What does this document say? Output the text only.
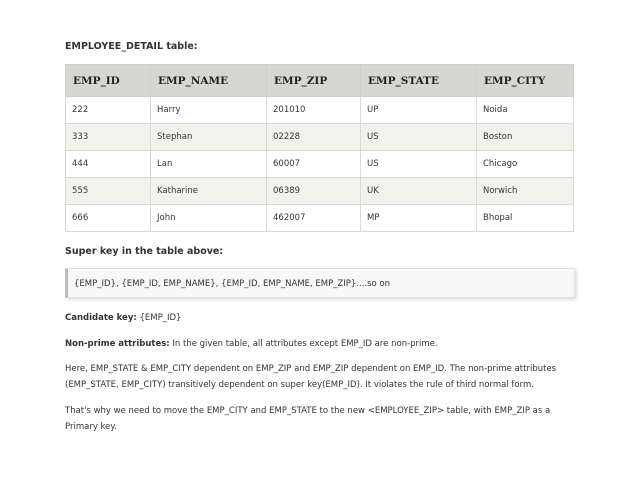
EMPLOYEE_DETAIL table:
EMP_ID	EMP_NAME	EMP_ZIP	EMP_STATE	EMP_CITY
222	Harry	201010	UP	Noida
333	Stephan	02228	US	Boston
444	Lan	60007	US	Chicago
555	Katharine	06389	UK	Norwich
666	John	462007	MP	Bhopal
Super key in the table above:
{EMP_ID}, {EMP_ID, EMP_NAME}, {EMP_ID, EMP_NAME, EMP_ZIP}....so on
Candidate key: {EMP_ID}
Non-prime attributes: In the given table, all attributes except EMP_ID are non-prime.
Here, EMP_STATE & EMP_CITY dependent on EMP_ZIP and EMP_ZIP dependent on EMP_ID. The non-prime attributes (EMP_STATE, EMP_CITY) transitively dependent on super key(EMP_ID). It violates the rule of third normal form.
That's why we need to move the EMP_CITY and EMP_STATE to the new <EMPLOYEE_ZIP> table, with EMP_ZIP as a Primary key.
